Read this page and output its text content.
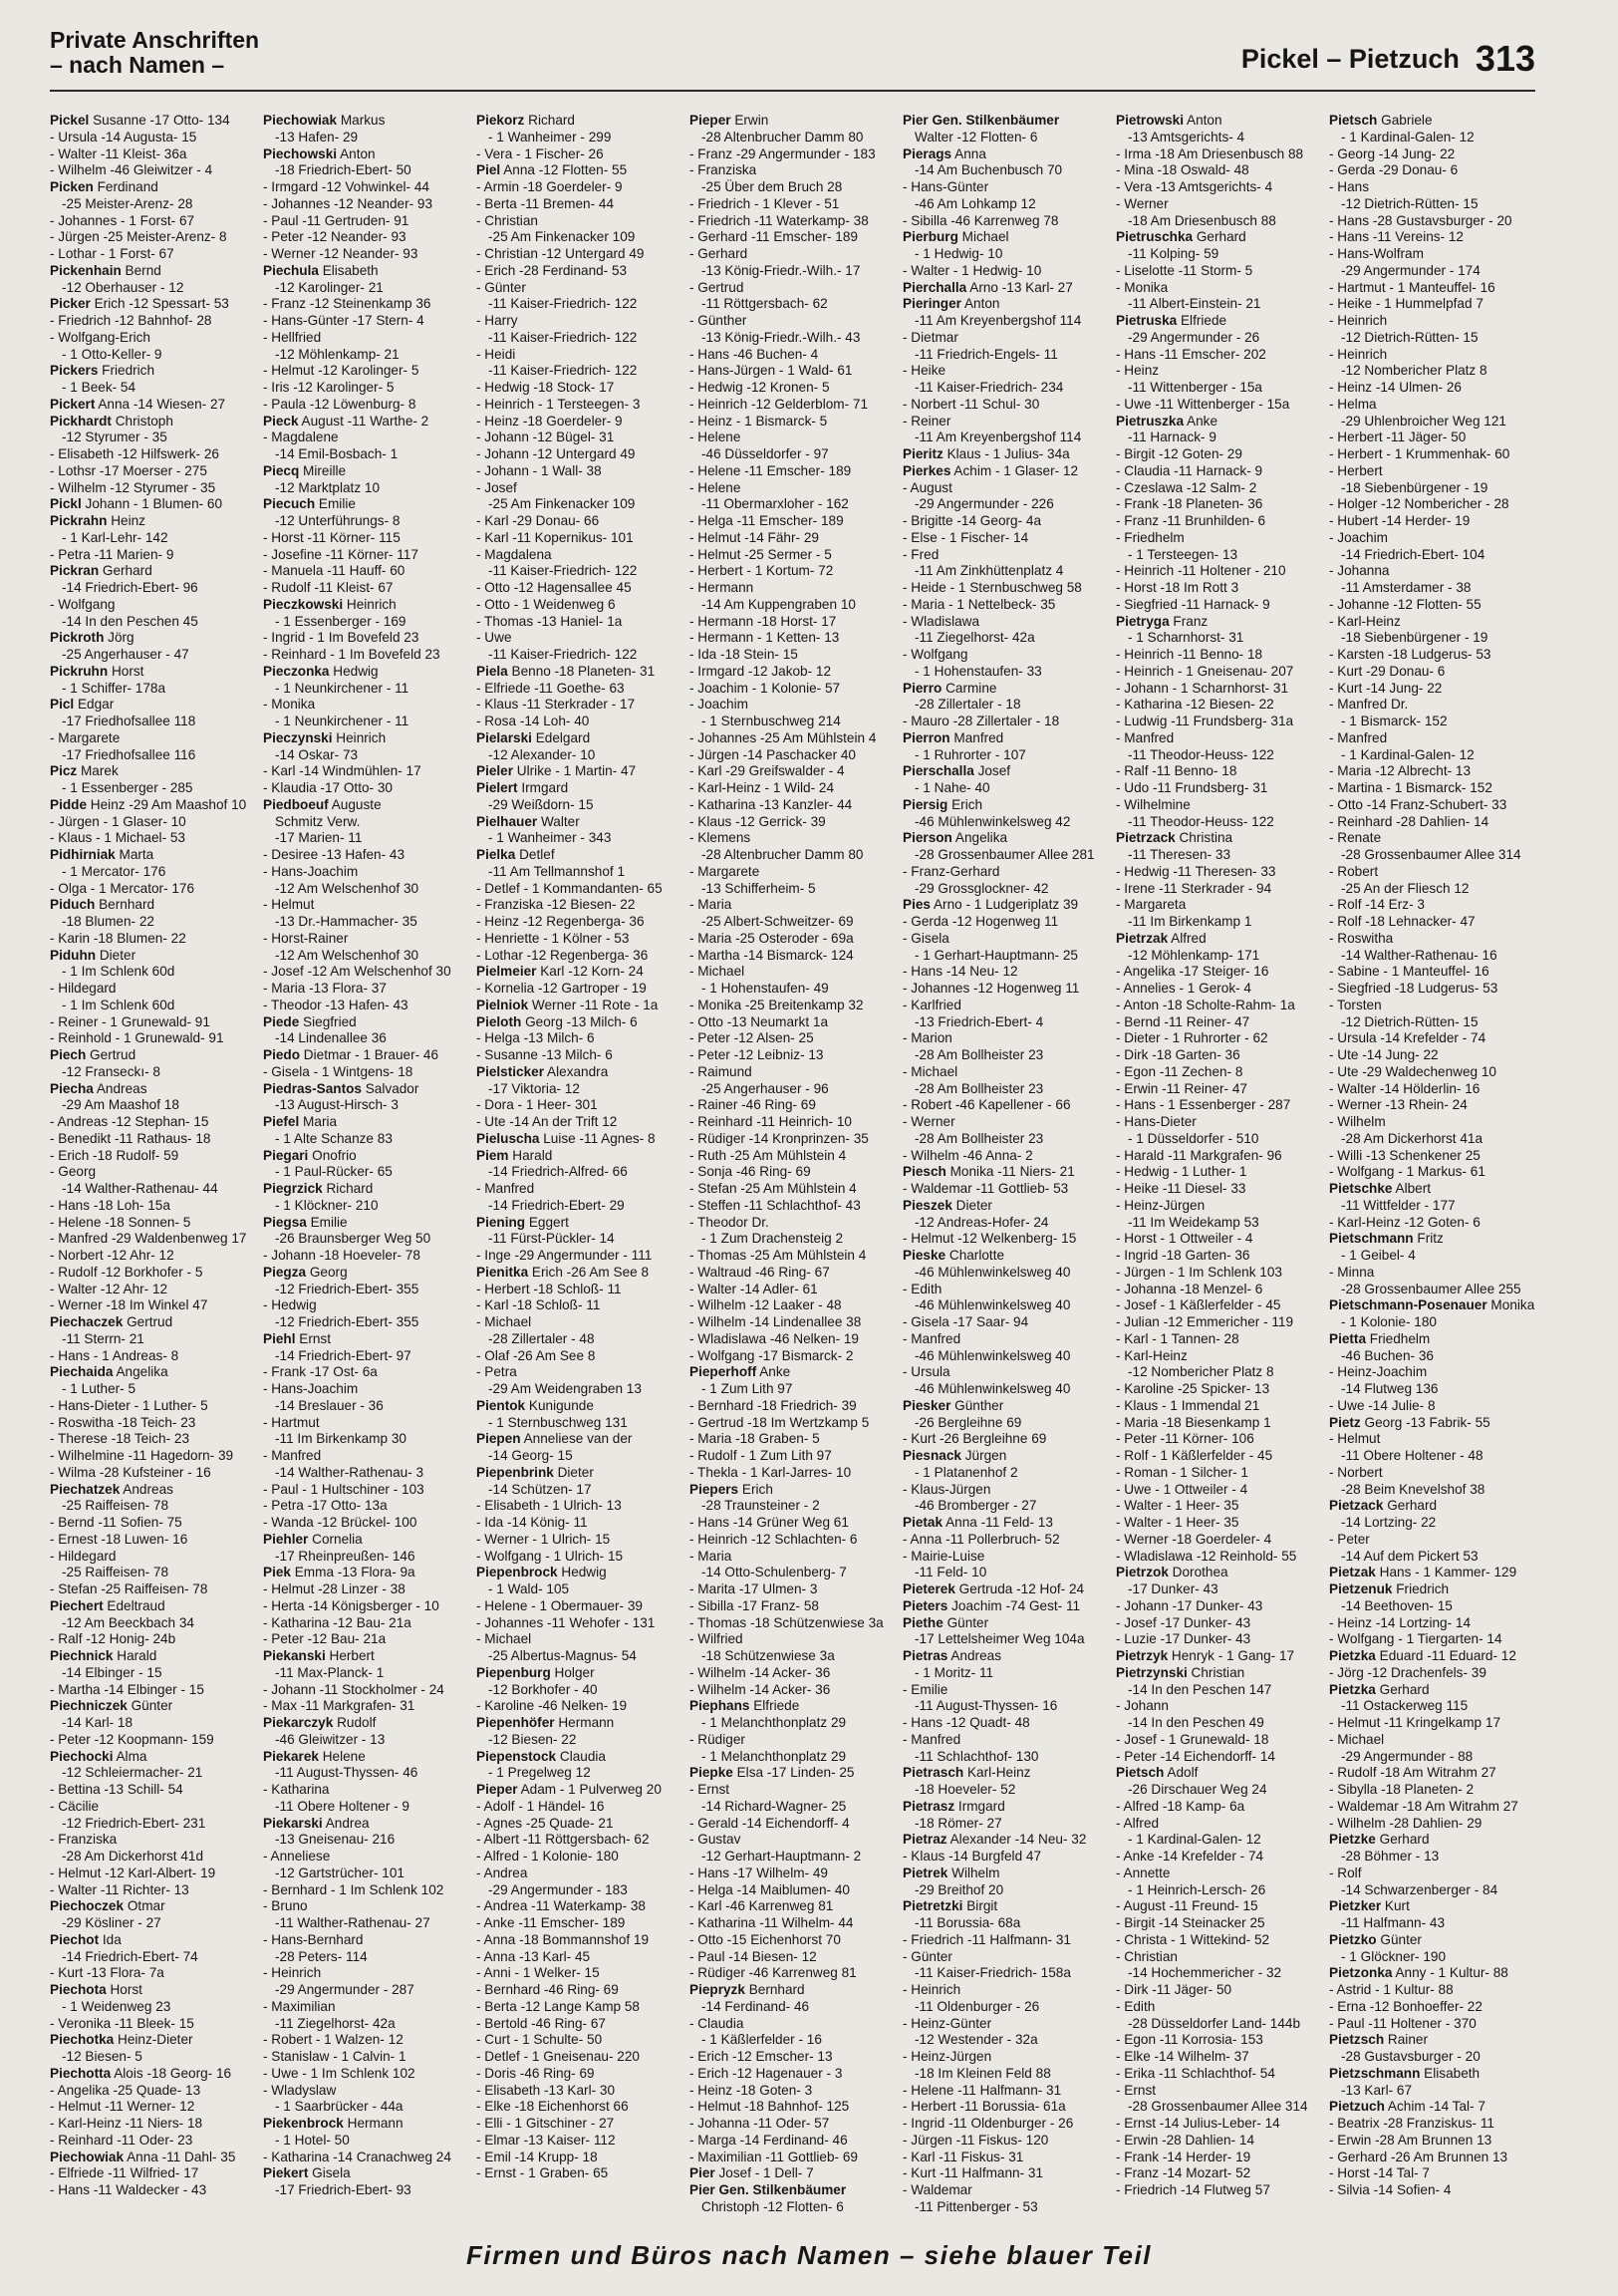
Private Anschriften
– nach Namen –	Pickel – Pietzuch 313
Pickel Susanne -17 Otto- 134
- Ursula -14 Augusta- 15
- Walter -11 Kleist- 36a
- Wilhelm -46 Gleiwitzer - 4
Picken Ferdinand
-25 Meister-Arenz- 28
- Johannes - 1 Forst- 67
- Jürgen -25 Meister-Arenz- 8
- Lothar - 1 Forst- 67
Pickenhain Bernd
-12 Oberhauser - 12
Picker Erich -12 Spessart- 53
- Friedrich -12 Bahnhof- 28
- Wolfgang-Erich
- 1 Otto-Keller- 9
Pickers Friedrich
- 1 Beek- 54
Pickert Anna -14 Wiesen- 27
Pickhardt Christoph
-12 Styrumer - 35
- Elisabeth -12 Hilfswerk- 26
- Lothsr -17 Moerser - 275
- Wilhelm -12 Styrumer - 35
Pickl Johann - 1 Blumen- 60
Pickrahn Heinz
- 1 Karl-Lehr- 142
- Petra -11 Marien- 9
Pickran Gerhard
-14 Friedrich-Ebert- 96
- Wolfgang
-14 In den Peschen 45
Pickroth Jörg
-25 Angerhauser - 47
Pickruhn Horst
- 1 Schiffer- 178a
Picl Edgar
-17 Friedhofsallee 118
- Margarete
-17 Friedhofsallee 116
Picz Marek
- 1 Essenberger - 285
Pidde Heinz -29 Am Maashof 10
- Jürgen - 1 Glaser- 10
- Klaus - 1 Michael- 53
Pidhirniak Marta
- 1 Mercator- 176
- Olga - 1 Mercator- 176
Piduch Bernhard
-18 Blumen- 22
- Karin -18 Blumen- 22
Piduhn Dieter
- 1 Im Schlenk 60d
- Hildegard
- 1 Im Schlenk 60d
- Reiner - 1 Grunewald- 91
- Reinhold - 1 Grunewald- 91
Piech Gertrud
-12 Franseckı- 8
Piecha Andreas
-29 Am Maashof 18
- Andreas -12 Stephan- 15
- Benedikt -11 Rathaus- 18
- Erich -18 Rudolf- 59
- Georg
-14 Walther-Rathenau- 44
- Hans -18 Loh- 15a
- Helene -18 Sonnen- 5
- Manfred -29 Waldenbenweg 17
- Norbert -12 Ahr- 12
- Rudolf -12 Borkhofer - 5
- Walter -12 Ahr- 12
- Werner -18 Im Winkel 47
Piechaczek Gertrud
-11 Sterrn- 21
- Hans - 1 Andreas- 8
Piechaida Angelika
- 1 Luther- 5
- Hans-Dieter - 1 Luther- 5
- Roswitha -18 Teich- 23
- Therese -18 Teich- 23
- Wilhelmine -11 Hagedorn- 39
- Wilma -28 Kufsteiner - 16
Piechatzek Andreas
-25 Raiffeisen- 78
- Bernd -11 Sofien- 75
- Ernest -18 Luwen- 16
- Hildegard
-25 Raiffeisen- 78
- Stefan -25 Raiffeisen- 78
Piechert Edeltraud
-12 Am Beeckbach 34
- Ralf -12 Honig- 24b
Piechnick Harald
-14 Elbinger - 15
- Martha -14 Elbinger - 15
Piechniczek Günter
-14 Karl- 18
- Peter -12 Koopmann- 159
Piechocki Alma
-12 Schleiermacher- 21
- Bettina -13 Schill- 54
- Cäcilie
-12 Friedrich-Ebert- 231
- Franziska
-28 Am Dickerhorst 41d
- Helmut -12 Karl-Albert- 19
- Walter -11 Richter- 13
Piechoczek Otmar
-29 Kösliner - 27
Piechot Ida
-14 Friedrich-Ebert- 74
- Kurt -13 Flora- 7a
Piechota Horst
- 1 Weidenweg 23
- Veronika -11 Bleek- 15
Piechotka Heinz-Dieter
-12 Biesen- 5
Piechotta Alois -18 Georg- 16
- Angelika -25 Quade- 13
- Helmut -11 Werner- 12
- Karl-Heinz -11 Niers- 18
- Reinhard -11 Oder- 23
Piechowiak Anna -11 Dahl- 35
- Elfriede -11 Wilfried- 17
- Hans -11 Waldecker - 43
Piechowiak Markus
-13 Hafen- 29
Piechowski Anton
-18 Friedrich-Ebert- 50
- Irmgard -12 Vohwinkel- 44
- Johannes -12 Neander- 93
- Paul -11 Gertruden- 91
- Peter -12 Neander- 93
- Werner -12 Neander- 93
Piechula Elisabeth
-12 Karolinger- 21
- Franz -12 Steinenkamp 36
- Hans-Günter -17 Stern- 4
- Hellfried
-12 Möhlenkamp- 21
- Helmut -12 Karolinger- 5
- Iris -12 Karolinger- 5
- Paula -12 Löwenburg- 8
Pieck August -11 Warthe- 2
- Magdalene
-14 Emil-Bosbach- 1
Piecq Mireille
-12 Marktplatz 10
Piecuch Emilie
-12 Unterführungs- 8
- Horst -11 Körner- 115
- Josefine -11 Körner- 117
- Manuela -11 Hauff- 60
- Rudolf -11 Kleist- 67
Pieczkowski Heinrich
- 1 Essenberger - 169
- Ingrid - 1 Im Bovefeld 23
- Reinhard - 1 Im Bovefeld 23
Pieczonka Hedwig
- 1 Neunkirchener - 11
- Monika
- 1 Neunkirchener - 11
Pieczynski Heinrich
-14 Oskar- 73
- Karl -14 Windmühlen- 17
- Klaudia -17 Otto- 30
Piedboeuf Auguste
Schmitz Verw.
-17 Marien- 11
- Desiree -13 Hafen- 43
- Hans-Joachim
-12 Am Welschenhof 30
- Helmut
-13 Dr.-Hammacher- 35
- Horst-Rainer
-12 Am Welschenhof 30
- Josef -12 Am Welschenhof 30
- Maria -13 Flora- 37
- Theodor -13 Hafen- 43
Piede Siegfried
-14 Lindenallee 36
Piedo Dietmar - 1 Brauer- 46
- Gisela - 1 Wintgens- 18
Piedras-Santos Salvador
-13 August-Hirsch- 3
Piefel Maria
- 1 Alte Schanze 83
Piegari Onofrio
- 1 Paul-Rücker- 65
Piegrzick Richard
- 1 Klöckner- 210
Piegsa Emilie
-26 Braunsberger Weg 50
- Johann -18 Hoeveler- 78
Piegza Georg
-12 Friedrich-Ebert- 355
- Hedwig
-12 Friedrich-Ebert- 355
Piehl Ernst
-14 Friedrich-Ebert- 97
- Frank -17 Ost- 6a
- Hans-Joachim
-14 Breslauer - 36
- Hartmut
-11 Im Birkenkamp 30
- Manfred
-14 Walther-Rathenau- 3
- Paul - 1 Hultschiner - 103
- Petra -17 Otto- 13a
- Wanda -12 Brückel- 100
Piehler Cornelia
-17 Rheinpreußen- 146
Piek Emma -13 Flora- 9a
- Helmut -28 Linzer - 38
- Herta -14 Königsberger - 10
- Katharina -12 Bau- 21a
- Peter -12 Bau- 21a
Piekanski Herbert
-11 Max-Planck- 1
- Johann -11 Stockholmer - 24
- Max -11 Markgrafen- 31
Piekarczyk Rudolf
-46 Gleiwitzer - 13
Piekarek Helene
-11 August-Thyssen- 46
- Katharina
-11 Obere Holtener - 9
Piekarski Andrea
-13 Gneisenau- 216
- Anneliese
-12 Gartstrücher- 101
- Bernhard - 1 Im Schlenk 102
- Bruno
-11 Walther-Rathenau- 27
- Hans-Bernhard
-28 Peters- 114
- Heinrich
-29 Angermunder - 287
- Maximilian
-11 Ziegelhorst- 42a
- Robert - 1 Walzen- 12
- Stanislaw - 1 Calvin- 1
- Uwe - 1 Im Schlenk 102
- Wladyslaw
- 1 Saarbrücker - 44a
Piekenbrock Hermann
- 1 Hotel- 50
- Katharina -14 Cranachweg 24
Piekert Gisela
-17 Friedrich-Ebert- 93
Piekorz Richard
- 1 Wanheimer - 299
- Vera - 1 Fischer- 26
Piel Anna -12 Flotten- 55
- Armin -18 Goerdeler- 9
- Berta -11 Bremen- 44
- Christian
-25 Am Finkenacker 109
- Christian -12 Untergard 49
- Erich -28 Ferdinand- 53
- Günter
-11 Kaiser-Friedrich- 122
- Harry
-11 Kaiser-Friedrich- 122
- Heidi
-11 Kaiser-Friedrich- 122
- Hedwig -18 Stock- 17
- Heinrich - 1 Tersteegen- 3
- Heinz -18 Goerdeler- 9
- Johann -12 Bügel- 31
- Johann -12 Untergard 49
- Johann - 1 Wall- 38
- Josef
-25 Am Finkenacker 109
- Karl -29 Donau- 66
- Karl -11 Kopernikus- 101
- Magdalena
-11 Kaiser-Friedrich- 122
- Otto -12 Hagensallee 45
- Otto - 1 Weidenweg 6
- Thomas -13 Haniel- 1a
- Uwe
-11 Kaiser-Friedrich- 122
Piela Benno -18 Planeten- 31
- Elfriede -11 Goethe- 63
- Klaus -11 Sterkrader - 17
- Rosa -14 Loh- 40
Pielarski Edelgard
-12 Alexander- 10
Pieler Ulrike - 1 Martin- 47
Pielert Irmgard
-29 Weißdorn- 15
Pielhauer Walter
- 1 Wanheimer - 343
Pielka Detlef
-11 Am Tellmannshof 1
- Detlef - 1 Kommandanten- 65
- Franziska -12 Biesen- 22
- Heinz -12 Regenberga- 36
- Henriette - 1 Kölner - 53
- Lothar -12 Regenberga- 36
Pielmeier Karl -12 Korn- 24
- Kornelia -12 Gartroper - 19
Pielniok Werner -11 Rote - 1a
Pieloth Georg -13 Milch- 6
- Helga -13 Milch- 6
- Susanne -13 Milch- 6
Pielsticker Alexandra
-17 Viktoria- 12
- Dora - 1 Heer- 301
- Ute -14 An der Trift 12
Pieluscha Luise -11 Agnes- 8
Piem Harald
-14 Friedrich-Alfred- 66
- Manfred
-14 Friedrich-Ebert- 29
Piening Eggert
-11 Fürst-Pückler- 14
- Inge -29 Angermunder - 111
Pienitka Erich -26 Am See 8
- Herbert -18 Schloß- 11
- Karl -18 Schloß- 11
- Michael
-28 Zillertaler - 48
- Olaf -26 Am See 8
- Petra
-29 Am Weidengraben 13
Pientok Kunigunde
- 1 Sternbuschweg 131
Piepen Anneliese van der
-14 Georg- 15
Piepenbrink Dieter
-14 Schützen- 17
- Elisabeth - 1 Ulrich- 13
- Ida -14 König- 11
- Werner - 1 Ulrich- 15
- Wolfgang - 1 Ulrich- 15
Piepenbrock Hedwig
- 1 Wald- 105
- Helene - 1 Obermauer- 39
- Johannes -11 Wehofer - 131
- Michael
-25 Albertus-Magnus- 54
Piepenburg Holger
-12 Borkhofer - 40
- Karoline -46 Nelken- 19
Piepenhöfer Hermann
-12 Biesen- 22
Piepenstock Claudia
- 1 Pregelweg 12
Pieper Adam - 1 Pulverweg 20
- Adolf - 1 Händel- 16
- Agnes -25 Quade- 21
- Albert -11 Röttgersbach- 62
- Alfred - 1 Kolonie- 180
- Andrea
-29 Angermunder - 183
- Andrea -11 Waterkamp- 38
- Anke -11 Emscher- 189
- Anna -18 Bommannshof 19
- Anna -13 Karl- 45
- Anni - 1 Welker- 15
- Bernhard -46 Ring- 69
- Berta -12 Lange Kamp 58
- Bertold -46 Ring- 67
- Curt - 1 Schulte- 50
- Detlef - 1 Gneisenau- 220
- Doris -46 Ring- 69
- Elisabeth -13 Karl- 30
- Elke -18 Eichenhorst 66
- Elli - 1 Gitschiner - 27
- Elmar -13 Kaiser- 112
- Emil -14 Krupp- 18
- Ernst - 1 Graben- 65
Pieper Erwin
-28 Altenbrucher Damm 80
- Franz -29 Angermunder - 183
- Franziska
-25 Über dem Bruch 28
- Friedrich - 1 Klever - 51
- Friedrich -11 Waterkamp- 38
- Gerhard -11 Emscher- 189
- Gerhard
-13 König-Friedr.-Wilh.- 17
- Gertrud
-11 Röttgersbach- 62
- Günther
-13 König-Friedr.-Wilh.- 43
- Hans -46 Buchen- 4
- Hans-Jürgen - 1 Wald- 61
- Hedwig -12 Kronen- 5
- Heinrich -12 Gelderblom- 71
- Heinz - 1 Bismarck- 5
- Helene
-46 Düsseldorfer - 97
- Helene -11 Emscher- 189
- Helene
-11 Obermarxloher - 162
- Helga -11 Emscher- 189
- Helmut -14 Fähr- 29
- Helmut -25 Sermer - 5
- Herbert - 1 Kortum- 72
- Hermann
-14 Am Kuppengraben 10
- Hermann -18 Horst- 17
- Hermann - 1 Ketten- 13
- Ida -18 Stein- 15
- Irmgard -12 Jakob- 12
- Joachim - 1 Kolonie- 57
- Joachim
- 1 Sternbuschweg 214
- Johannes -25 Am Mühlstein 4
- Jürgen -14 Paschacker 40
- Karl -29 Greifswalder - 4
- Karl-Heinz - 1 Wild- 24
- Katharina -13 Kanzler- 44
- Klaus -12 Gerrick- 39
- Klemens
-28 Altenbrucher Damm 80
- Margarete
-13 Schifferheim- 5
- Maria
-25 Albert-Schweitzer- 69
- Maria -25 Osteroder - 69a
- Martha -14 Bismarck- 124
- Michael
- 1 Hohenstaufen- 49
- Monika -25 Breitenkamp 32
- Otto -13 Neumarkt 1a
- Peter -12 Alsen- 25
- Peter -12 Leibniz- 13
- Raimund
-25 Angerhauser - 96
- Rainer -46 Ring- 69
- Reinhard -11 Heinrich- 10
- Rüdiger -14 Kronprinzen- 35
- Ruth -25 Am Mühlstein 4
- Sonja -46 Ring- 69
- Stefan -25 Am Mühlstein 4
- Steffen -11 Schlachthof- 43
- Theodor Dr.
- 1 Zum Drachensteig 2
- Thomas -25 Am Mühlstein 4
- Waltraud -46 Ring- 67
- Walter -14 Adler- 61
- Wilhelm -12 Laaker - 48
- Wilhelm -14 Lindenallee 38
- Wladislawa -46 Nelken- 19
- Wolfgang -17 Bismarck- 2
Pieperhoff Anke
- 1 Zum Lith 97
- Bernhard -18 Friedrich- 39
- Gertrud -18 Im Wertzkamp 5
- Maria -18 Graben- 5
- Rudolf - 1 Zum Lith 97
- Thekla - 1 Karl-Jarres- 10
Piepers Erich
-28 Traunsteiner - 2
- Hans -14 Grüner Weg 61
- Heinrich -12 Schlachten- 6
- Maria
-14 Otto-Schulenberg- 7
- Marita -17 Ulmen- 3
- Sibilla -17 Franz- 58
- Thomas -18 Schützenwiese 3a
- Wilfried
-18 Schützenwiese 3a
- Wilhelm -14 Acker- 36
- Wilhelm -14 Acker- 36
Piephans Elfriede
- 1 Melanchthonplatz 29
- Rüdiger
- 1 Melanchthonplatz 29
Piepke Elsa -17 Linden- 25
- Ernst
-14 Richard-Wagner- 25
- Gerald -14 Eichendorff- 4
- Gustav
-12 Gerhart-Hauptmann- 2
- Hans -17 Wilhelm- 49
- Helga -14 Maiblumen- 40
- Karl -46 Karrenweg 81
- Katharina -11 Wilhelm- 44
- Otto -15 Eichenhorst 70
- Paul -14 Biesen- 12
- Rüdiger -46 Karrenweg 81
Piepryzk Bernhard
-14 Ferdinand- 46
- Claudia
- 1 Käßlerfelder - 16
- Erich -12 Emscher- 13
- Erich -12 Hagenauer - 3
- Heinz -18 Goten- 3
- Helmut -18 Bahnhof- 125
- Johanna -11 Oder- 57
- Marga -14 Ferdinand- 46
- Maximilian -11 Gottlieb- 69
Pier Josef - 1 Dell- 7
Pier Gen. Stilkenbäumer
Christoph -12 Flotten- 6
Pier Gen. Stilkenbäumer
Walter -12 Flotten- 6
Pierags Anna
-14 Am Buchenbusch 70
- Hans-Günter
-46 Am Lohkamp 12
- Sibilla -46 Karrenweg 78
Pierburg Michael
- 1 Hedwig- 10
- Walter - 1 Hedwig- 10
Pierchalla Arno -13 Karl- 27
Pieringer Anton
-11 Am Kreyenbergshof 114
- Dietmar
-11 Friedrich-Engels- 11
- Heike
-11 Kaiser-Friedrich- 234
- Norbert -11 Schul- 30
- Reiner
-11 Am Kreyenbergshof 114
Pieritz Klaus - 1 Julius- 34a
Pierkes Achim - 1 Glaser- 12
- August
-29 Angermunder - 226
- Brigitte -14 Georg- 4a
- Else - 1 Fischer- 14
- Fred
-11 Am Zinkhüttenplatz 4
- Heide - 1 Sternbuschweg 58
- Maria - 1 Nettelbeck- 35
- Wladislawa
-11 Ziegelhorst- 42a
- Wolfgang
- 1 Hohenstaufen- 33
Pierro Carmine
-28 Zillertaler - 18
- Mauro -28 Zillertaler - 18
Pierron Manfred
- 1 Ruhrorter - 107
Pierschalla Josef
- 1 Nahe- 40
Piersig Erich
-46 Mühlenwinkelsweg 42
Pierson Angelika
-28 Grossenbaumer Allee 281
- Franz-Gerhard
-29 Grossglockner- 42
Pies Arno - 1 Ludgeriplatz 39
- Gerda -12 Hogenweg 11
- Gisela
- 1 Gerhart-Hauptmann- 25
- Hans -14 Neu- 12
- Johannes -12 Hogenweg 11
- Karlfried
-13 Friedrich-Ebert- 4
- Marion
-28 Am Bollheister 23
- Michael
-28 Am Bollheister 23
- Robert -46 Kapellener - 66
- Werner
-28 Am Bollheister 23
- Wilhelm -46 Anna- 2
Piesch Monika -11 Niers- 21
- Waldemar -11 Gottlieb- 53
Pieszek Dieter
-12 Andreas-Hofer- 24
- Helmut -12 Welkenberg- 15
Pieske Charlotte
-46 Mühlenwinkelsweg 40
- Edith
-46 Mühlenwinkelsweg 40
- Gisela -17 Saar- 94
- Manfred
-46 Mühlenwinkelsweg 40
- Ursula
-46 Mühlenwinkelsweg 40
Piesker Günther
-26 Bergleihne 69
- Kurt -26 Bergleihne 69
Piesnack Jürgen
- 1 Platanenhof 2
- Klaus-Jürgen
-46 Bromberger - 27
Pietak Anna -11 Feld- 13
- Anna -11 Pollerbruch- 52
- Mairie-Luise
-11 Feld- 10
Pieterek Gertruda -12 Hof- 24
Pieters Joachim -74 Gest- 11
Piethe Günter
-17 Lettelsheimer Weg 104a
Pietras Andreas
- 1 Moritz- 11
- Emilie
-11 August-Thyssen- 16
- Hans -12 Quadt- 48
- Manfred
-11 Schlachthof- 130
Pietrasch Karl-Heinz
-18 Hoeveler- 52
Pietrasz Irmgard
-18 Römer- 27
Pietraz Alexander -14 Neu- 32
- Klaus -14 Burgfeld 47
Pietrek Wilhelm
-29 Breithof 20
Pietretzki Birgit
-11 Borussia- 68a
- Friedrich -11 Halfmann- 31
- Günter
-11 Kaiser-Friedrich- 158a
- Heinrich
-11 Oldenburger - 26
- Heinz-Günter
-12 Westender - 32a
- Heinz-Jürgen
-18 Im Kleinen Feld 88
- Helene -11 Halfmann- 31
- Herbert -11 Borussia- 61a
- Ingrid -11 Oldenburger - 26
- Jürgen -11 Fiskus- 120
- Karl -11 Fiskus- 31
- Kurt -11 Halfmann- 31
- Waldemar
-11 Pittenberger - 53
Pietrowski Anton
-13 Amtsgerichts- 4
- Irma -18 Am Driesenbusch 88
- Mina -18 Oswald- 48
- Vera -13 Amtsgerichts- 4
- Werner
-18 Am Driesenbusch 88
Pietruschka Gerhard
-11 Kolping- 59
- Liselotte -11 Storm- 5
- Monika
-11 Albert-Einstein- 21
Pietruska Elfriede
-29 Angermunder - 26
- Hans -11 Emscher- 202
- Heinz
-11 Wittenberger - 15a
- Uwe -11 Wittenberger - 15a
Pietruszka Anke
-11 Harnack- 9
- Birgit -12 Goten- 29
- Claudia -11 Harnack- 9
- Czeslawa -12 Salm- 2
- Frank -18 Planeten- 36
- Franz -11 Brunhilden- 6
- Friedhelm
- 1 Tersteegen- 13
- Heinrich -11 Holtener - 210
- Horst -18 Im Rott 3
- Siegfried -11 Harnack- 9
Pietryga Franz
- 1 Scharnhorst- 31
- Heinrich -11 Benno- 18
- Heinrich - 1 Gneisenau- 207
- Johann - 1 Scharnhorst- 31
- Katharina -12 Biesen- 22
- Ludwig -11 Frundsberg- 31a
- Manfred
-11 Theodor-Heuss- 122
- Ralf -11 Benno- 18
- Udo -11 Frundsberg- 31
- Wilhelmine
-11 Theodor-Heuss- 122
Pietrzack Christina
-11 Theresen- 33
- Hedwig -11 Theresen- 33
- Irene -11 Sterkrader - 94
- Margareta
-11 Im Birkenkamp 1
Pietrzak Alfred
-12 Möhlenkamp- 171
- Angelika -17 Steiger- 16
- Annelies - 1 Gerok- 4
- Anton -18 Scholte-Rahm- 1a
- Bernd -11 Reiner- 47
- Dieter - 1 Ruhrorter - 62
- Dirk -18 Garten- 36
- Egon -11 Zechen- 8
- Erwin -11 Reiner- 47
- Hans - 1 Essenberger - 287
- Hans-Dieter
- 1 Düsseldorfer - 510
- Harald -11 Markgrafen- 96
- Hedwig - 1 Luther- 1
- Heike -11 Diesel- 33
- Heinz-Jürgen
-11 Im Weidekamp 53
- Horst - 1 Ottweiler - 4
- Ingrid -18 Garten- 36
- Jürgen - 1 Im Schlenk 103
- Johanna -18 Menzel- 6
- Josef - 1 Käßlerfelder - 45
- Julian -12 Emmericher - 119
- Karl - 1 Tannen- 28
- Karl-Heinz
-12 Nombericher Platz 8
- Karoline -25 Spicker- 13
- Klaus - 1 Immendal 21
- Maria -18 Biesenkamp 1
- Peter -11 Körner- 106
- Rolf - 1 Käßlerfelder - 45
- Roman - 1 Silcher- 1
- Uwe - 1 Ottweiler - 4
- Walter - 1 Heer- 35
- Walter - 1 Heer- 35
- Werner -18 Goerdeler- 4
- Wladislawa -12 Reinhold- 55
Pietrzok Dorothea
-17 Dunker- 43
- Johann -17 Dunker- 43
- Josef -17 Dunker- 43
- Luzie -17 Dunker- 43
Pietrzyk Henryk - 1 Gang- 17
Pietrzynski Christian
-14 In den Peschen 147
- Johann
-14 In den Peschen 49
- Josef - 1 Grunewald- 18
- Peter -14 Eichendorff- 14
Pietsch Adolf
-26 Dirschauer Weg 24
- Alfred -18 Kamp- 6a
- Alfred
- 1 Kardinal-Galen- 12
- Anke -14 Krefelder - 74
- Annette
- 1 Heinrich-Lersch- 26
- August -11 Freund- 15
- Birgit -14 Steinacker 25
- Christa - 1 Wittekind- 52
- Christian
-14 Hochemmericher - 32
- Dirk -11 Jäger- 50
- Edith
-28 Düsseldorfer Land- 144b
- Egon -11 Korrosia- 153
- Elke -14 Wilhelm- 37
- Erika -11 Schlachthof- 54
- Ernst
-28 Grossenbaumer Allee 314
- Ernst -14 Julius-Leber- 14
- Erwin -28 Dahlien- 14
- Frank -14 Herder- 19
- Franz -14 Mozart- 52
- Friedrich -14 Flutweg 57
Pietsch Gabriele
- 1 Kardinal-Galen- 12
- Georg -14 Jung- 22
- Gerda -29 Donau- 6
- Hans
-12 Dietrich-Rütten- 15
- Hans -28 Gustavsburger - 20
- Hans -11 Vereins- 12
- Hans-Wolfram
-29 Angermunder - 174
- Hartmut - 1 Manteuffel- 16
- Heike - 1 Hummelpfad 7
- Heinrich
-12 Dietrich-Rütten- 15
- Heinrich
-12 Nombericher Platz 8
- Heinz -14 Ulmen- 26
- Helma
-29 Uhlenbroicher Weg 121
- Herbert -11 Jäger- 50
- Herbert - 1 Krummenhak- 60
- Herbert
-18 Siebenbürgener - 19
- Holger -12 Nombericher - 28
- Hubert -14 Herder- 19
- Joachim
-14 Friedrich-Ebert- 104
- Johanna
-11 Amsterdamer - 38
- Johanne -12 Flotten- 55
- Karl-Heinz
-18 Siebenbürgener - 19
- Karsten -18 Ludgerus- 53
- Kurt -29 Donau- 6
- Kurt -14 Jung- 22
- Manfred Dr.
- 1 Bismarck- 152
- Manfred
- 1 Kardinal-Galen- 12
- Maria -12 Albrecht- 13
- Martina - 1 Bismarck- 152
- Otto -14 Franz-Schubert- 33
- Reinhard -28 Dahlien- 14
- Renate
-28 Grossenbaumer Allee 314
- Robert
-25 An der Fliesch 12
- Rolf -14 Erz- 3
- Rolf -18 Lehnacker- 47
- Roswitha
-14 Walther-Rathenau- 16
- Sabine - 1 Manteuffel- 16
- Siegfried -18 Ludgerus- 53
- Torsten
-12 Dietrich-Rütten- 15
- Ursula -14 Krefelder - 74
- Ute -14 Jung- 22
- Ute -29 Waldechenweg 10
- Walter -14 Hölderlin- 16
- Werner -13 Rhein- 24
- Wilhelm
-28 Am Dickerhorst 41a
- Willi -13 Schenkener 25
- Wolfgang - 1 Markus- 61
Pietschke Albert
-11 Wittfelder - 177
- Karl-Heinz -12 Goten- 6
Pietschmann Fritz
- 1 Geibel- 4
- Minna
-28 Grossenbaumer Allee 255
Pietschmann-Posenauer Monika
- 1 Kolonie- 180
Pietta Friedhelm
-46 Buchen- 36
- Heinz-Joachim
-14 Flutweg 136
- Uwe -14 Julie- 8
Pietz Georg -13 Fabrik- 55
- Helmut
-11 Obere Holtener - 48
- Norbert
-28 Beim Knevelshof 38
Pietzack Gerhard
-14 Lortzing- 22
- Peter
-14 Auf dem Pickert 53
Pietzak Hans - 1 Kammer- 129
Pietzenuk Friedrich
-14 Beethoven- 15
- Heinz -14 Lortzing- 14
- Wolfgang - 1 Tiergarten- 14
Pietzka Eduard -11 Eduard- 12
- Jörg -12 Drachenfels- 39
Pietzka Gerhard
-11 Ostackerweg 115
- Helmut -11 Kringelkamp 17
- Michael
-29 Angermunder - 88
- Rudolf -18 Am Witrahm 27
- Sibylla -18 Planeten- 2
- Waldemar -18 Am Witrahm 27
- Wilhelm -28 Dahlien- 29
Pietzke Gerhard
-28 Böhmer - 13
- Rolf
-14 Schwarzenberger - 84
Pietzker Kurt
-11 Halfmann- 43
Pietzko Günter
- 1 Glöckner- 190
Pietzonka Anny - 1 Kultur- 88
- Astrid - 1 Kultur- 88
- Erna -12 Bonhoeffer- 22
- Paul -11 Holtener - 370
Pietzsch Rainer
-28 Gustavsburger - 20
Pietzschmann Elisabeth
-13 Karl- 67
Pietzuch Achim -14 Tal- 7
- Beatrix -28 Franziskus- 11
- Erwin -28 Am Brunnen 13
- Gerhard -26 Am Brunnen 13
- Horst -14 Tal- 7
- Silvia -14 Sofien- 4
Firmen und Büros nach Namen – siehe blauer Teil
